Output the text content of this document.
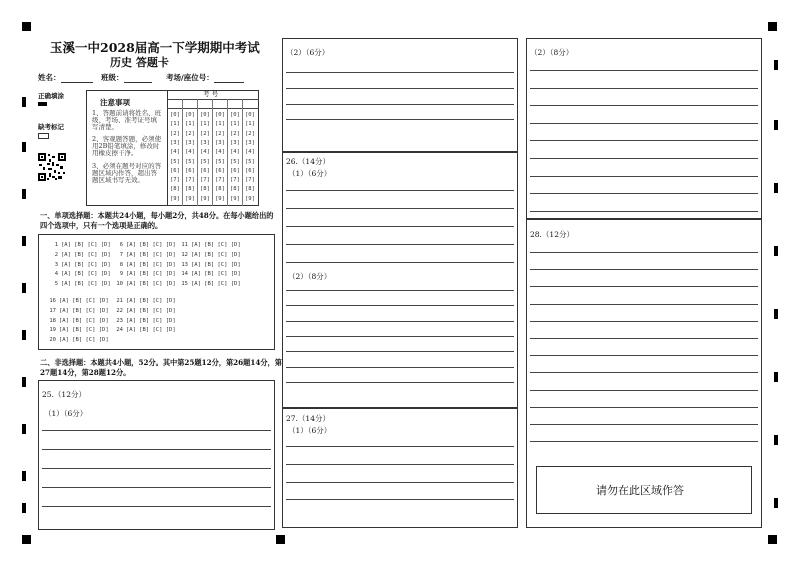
玉溪一中2028届高一下学期期中考试
历史 答题卡
姓名：	班级：	考场/座位号：
正确填涂
缺考标记
注意事项
1、答题前请将姓名、班级、考场、准考证号填写清楚。
2、客观题答题，必须使用2B铅笔填涂，修改时用橡皮擦干净。
3、必须在题号对应的答题区域内作答，超出答题区域书写无效。
考 号
[0]
[1]
[2]
[3]
[4]
[5]
[6]
[7]
[8]
[9]
[0]
[1]
[2]
[3]
[4]
[5]
[6]
[7]
[8]
[9]
[0]
[1]
[2]
[3]
[4]
[5]
[6]
[7]
[8]
[9]
[0]
[1]
[2]
[3]
[4]
[5]
[6]
[7]
[8]
[9]
[0]
[1]
[2]
[3]
[4]
[5]
[6]
[7]
[8]
[9]
[0]
[1]
[2]
[3]
[4]
[5]
[6]
[7]
[8]
[9]
一、单项选择题：本题共24小题，每小题2分，共48分。在每小题给出的
四个选项中，只有一个选项是正确的。
1 [A] [B] [C] [D]
2 [A] [B] [C] [D]
3 [A] [B] [C] [D]
4 [A] [B] [C] [D]
5 [A] [B] [C] [D]
6 [A] [B] [C] [D]
7 [A] [B] [C] [D]
8 [A] [B] [C] [D]
9 [A] [B] [C] [D]
10 [A] [B] [C] [D]
11 [A] [B] [C] [D]
12 [A] [B] [C] [D]
13 [A] [B] [C] [D]
14 [A] [B] [C] [D]
15 [A] [B] [C] [D]
16 [A] [B] [C] [D]
17 [A] [B] [C] [D]
18 [A] [B] [C] [D]
19 [A] [B] [C] [D]
20 [A] [B] [C] [D]
21 [A] [B] [C] [D]
22 [A] [B] [C] [D]
23 [A] [B] [C] [D]
24 [A] [B] [C] [D]
二、非选择题：本题共4小题，52分。其中第25题12分，第26题14分，第
27题14分，第28题12分。
25.（12分）
（1）（6分）
（2）（6分）
26.（14分）
（1）（6分）
（2）（8分）
27.（14分）
（1）（6分）
（2）（8分）
28.（12分）
请勿在此区域作答
